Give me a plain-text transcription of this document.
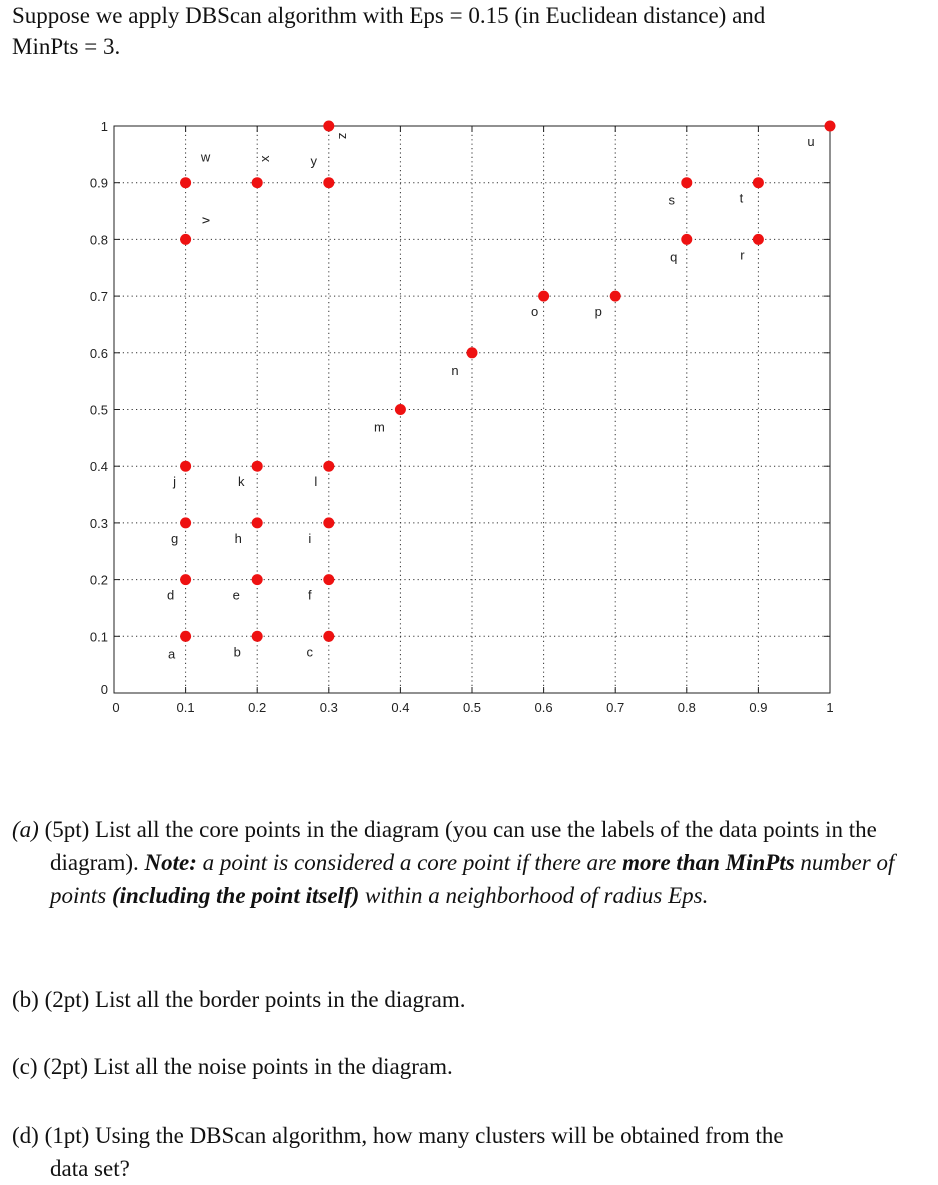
Suppose we apply DBScan algorithm with Eps = 0.15 (in Euclidean distance) and
MinPts = 3.
0	0.1	0.2	0.3	0.4	0.5	0.6	0.7	0.8	0.9	1
0
0.1
0.2
0.3
0.4
0.5
0.6
0.7
0.8
0.9
1
a	b	c
d	e	f
g	h	i
j	k	l
m
n
o	p
q	r
s	t
u
v
w	x	y
z
(a) (5pt) List all the core points in the diagram (you can use the labels of the data points in the diagram). Note: a point is considered a core point if there are more than MinPts number of points (including the point itself) within a neighborhood of radius Eps.
(b) (2pt) List all the border points in the diagram.
(c) (2pt) List all the noise points in the diagram.
(d) (1pt) Using the DBScan algorithm, how many clusters will be obtained from the
data set?
